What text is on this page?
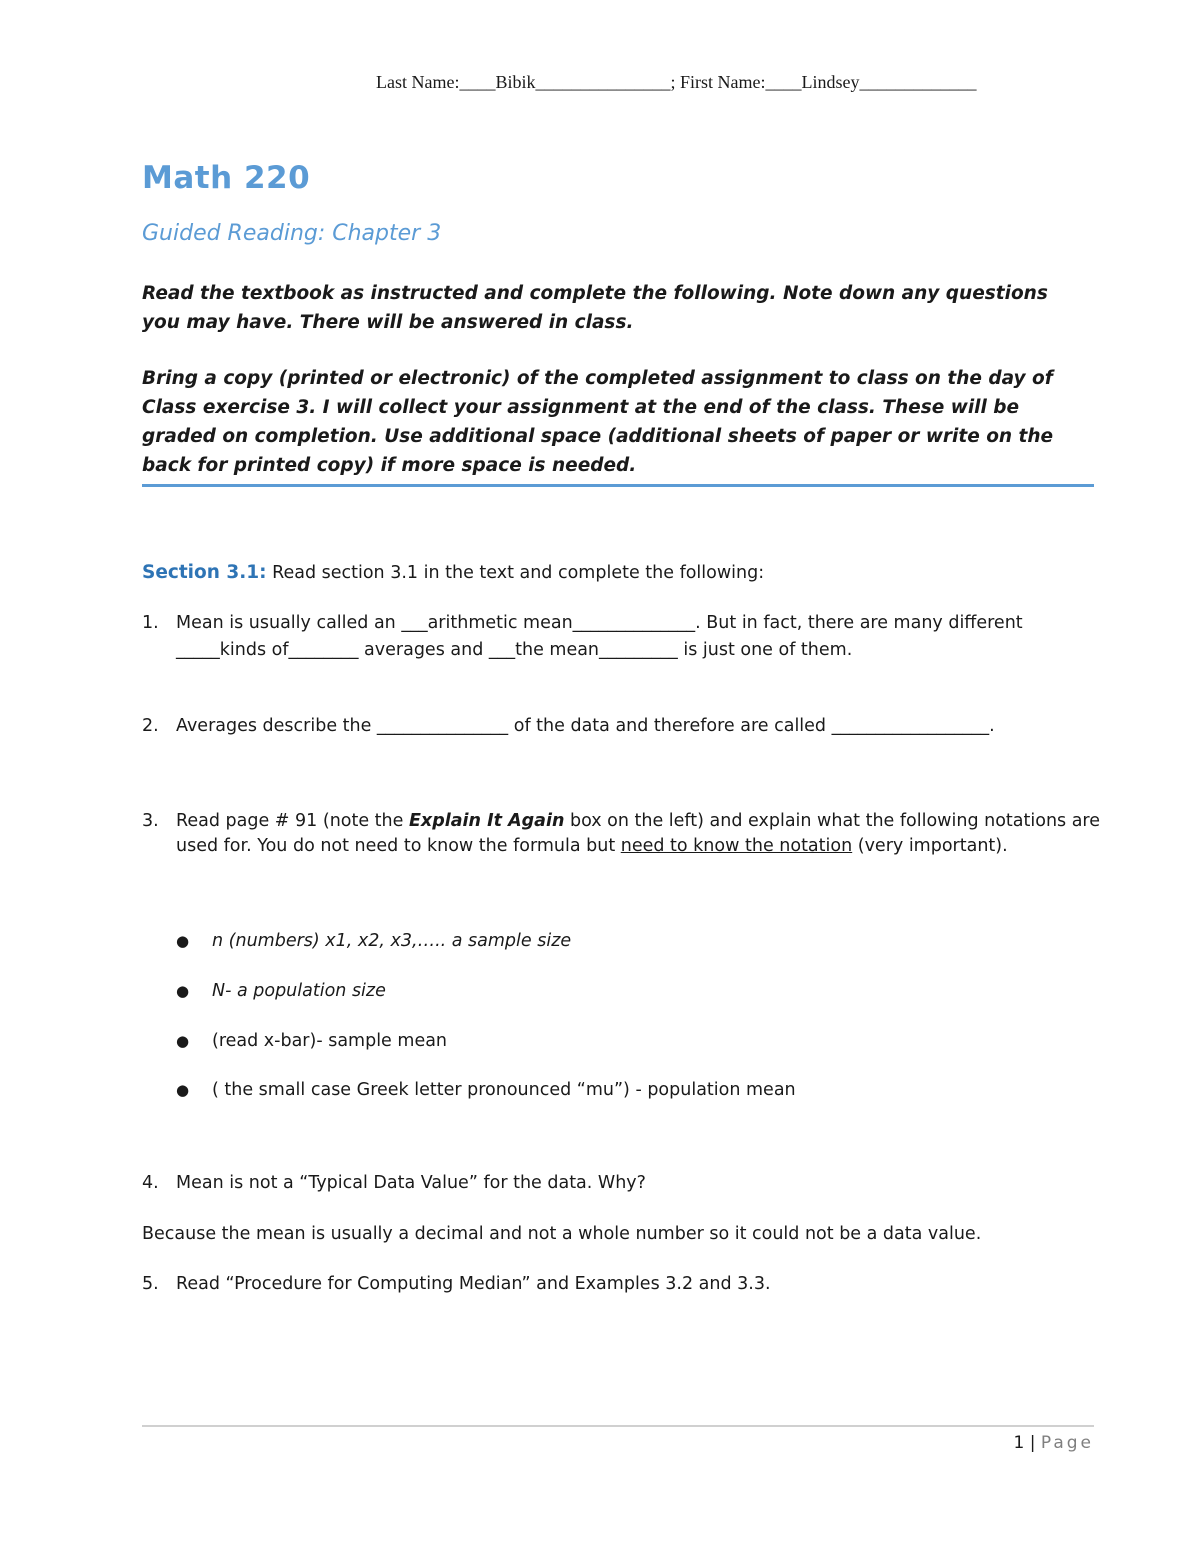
Last Name:____Bibik_______________; First Name:____Lindsey_____________
Math 220
Guided Reading: Chapter 3
Read the textbook as instructed and complete the following. Note down any questions you may have. There will be answered in class.
Bring a copy (printed or electronic) of the completed assignment to class on the day of Class exercise 3. I will collect your assignment at the end of the class. These will be graded on completion. Use additional space (additional sheets of paper or write on the back for printed copy) if more space is needed.
Section 3.1: Read section 3.1 in the text and complete the following:
1. Mean is usually called an ___arithmetic mean______________. But in fact, there are many different
_____kinds of________ averages and ___the mean_________ is just one of them.
2. Averages describe the _______________ of the data and therefore are called __________________.
3. Read page # 91 (note the Explain It Again box on the left) and explain what the following notations are
used for. You do not need to know the formula but need to know the notation (very important).
● n (numbers) x1, x2, x3,….. a sample size
● N- a population size
● (read x-bar)- sample mean
● ( the small case Greek letter pronounced “mu”) - population mean
4. Mean is not a “Typical Data Value” for the data. Why?
Because the mean is usually a decimal and not a whole number so it could not be a data value.
5. Read “Procedure for Computing Median” and Examples 3.2 and 3.3.
1 | Page
